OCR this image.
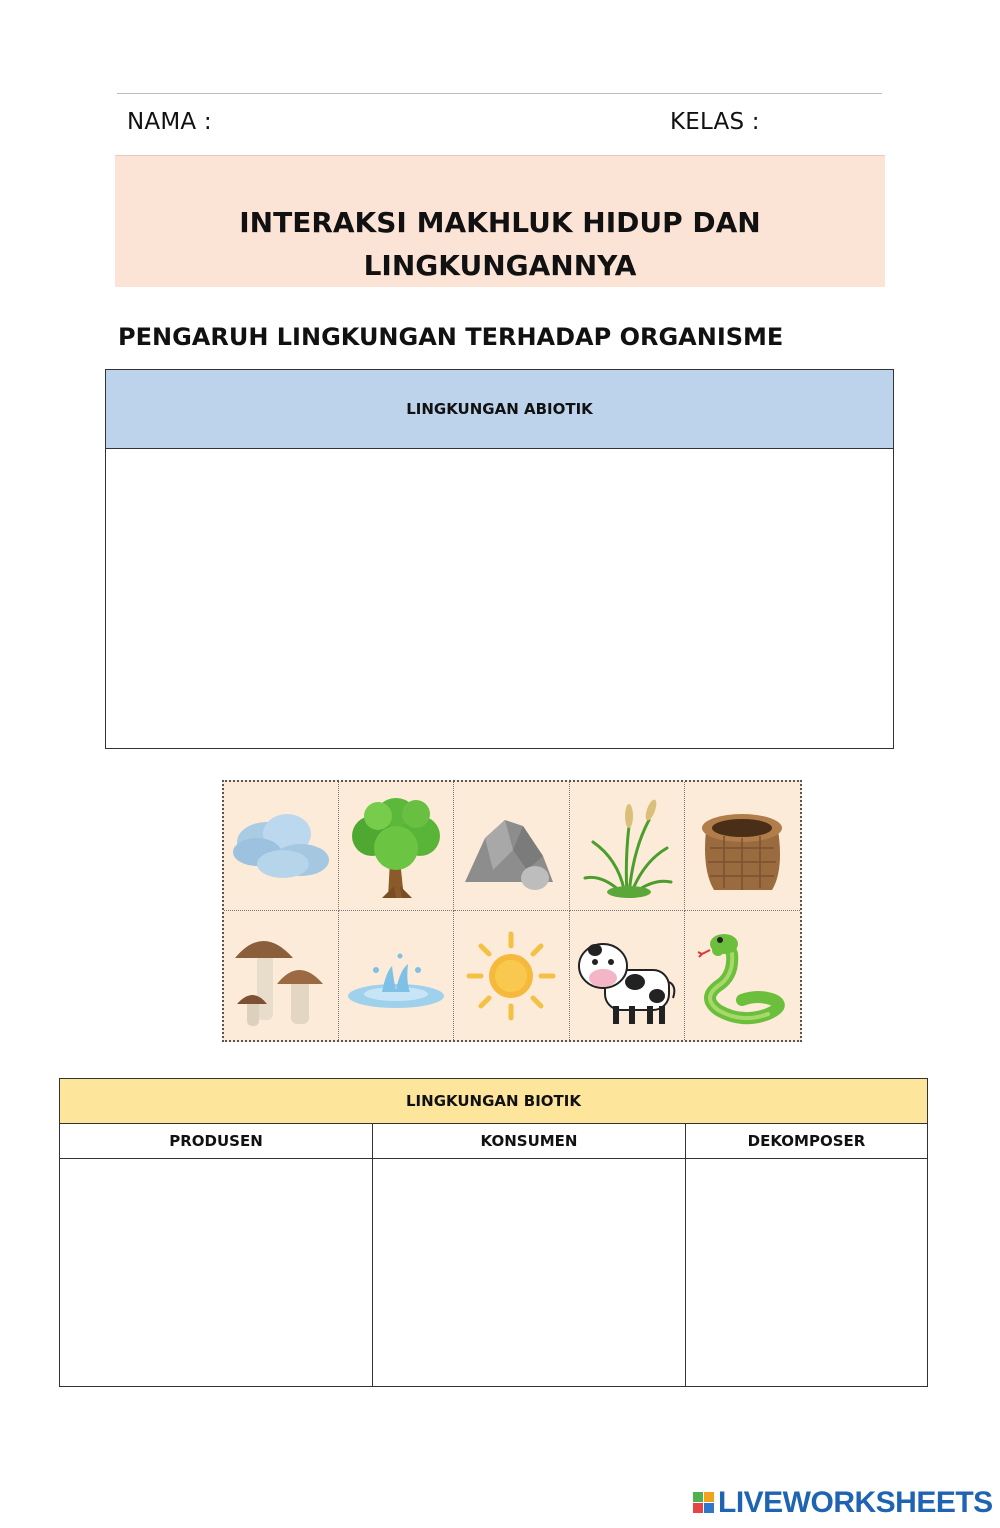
NAMA :	KELAS :
INTERAKSI MAKHLUK HIDUP DAN
LINGKUNGANNYA
PENGARUH LINGKUNGAN TERHADAP ORGANISME
LINGKUNGAN ABIOTIK
LINGKUNGAN BIOTIK
PRODUSEN	KONSUMEN	DEKOMPOSER
LIVEWORKSHEETS
